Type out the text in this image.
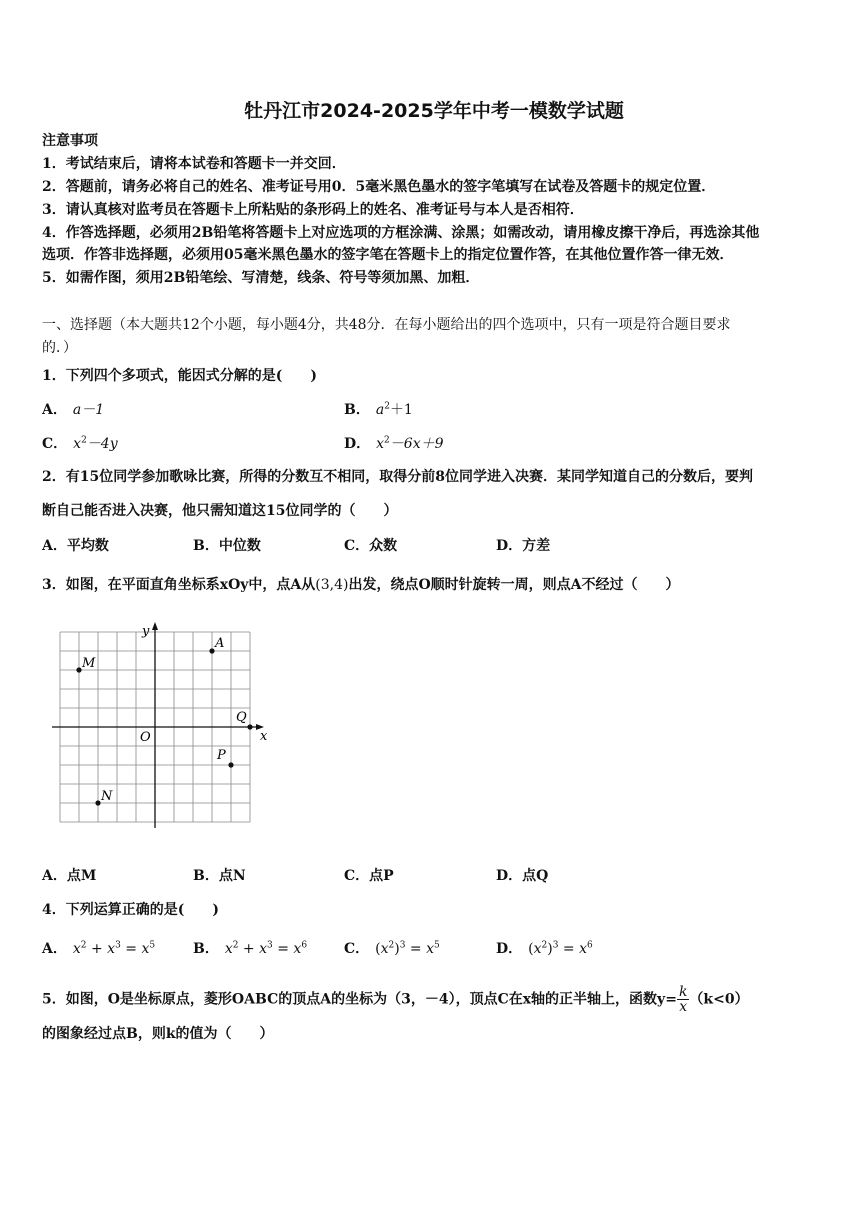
牡丹江市2024-2025学年中考一模数学试题
注意事项
1．考试结束后，请将本试卷和答题卡一并交回．
2．答题前，请务必将自己的姓名、准考证号用0．5毫米黑色墨水的签字笔填写在试卷及答题卡的规定位置．
3．请认真核对监考员在答题卡上所粘贴的条形码上的姓名、准考证号与本人是否相符．
4．作答选择题，必须用2B铅笔将答题卡上对应选项的方框涂满、涂黑；如需改动，请用橡皮擦干净后，再选涂其他
选项．作答非选择题，必须用05毫米黑色墨水的签字笔在答题卡上的指定位置作答，在其他位置作答一律无效．
5．如需作图，须用2B铅笔绘、写清楚，线条、符号等须加黑、加粗．
一、选择题（本大题共12个小题，每小题4分，共48分．在每小题给出的四个选项中，只有一项是符合题目要求
的．）
1．下列四个多项式，能因式分解的是(　　)
A． a－1	B． $a^2+1$
C． $x^2-4y$	D． $x^2-6x+9$
2．有15位同学参加歌咏比赛，所得的分数互不相同，取得分前8位同学进入决赛．某同学知道自己的分数后，要判
断自己能否进入决赛，他只需知道这15位同学的（　　）
A．平均数	B．中位数	C．众数	D．方差
3．如图，在平面直角坐标系xOy中，点A从(3,4)出发，绕点O顺时针旋转一周，则点A不经过（　　）
x
y
O
A
M
Q
P
N
A．点M	B．点N	C．点P	D．点Q
4．下列运算正确的是(　　)
A． $x^2 + x^3 = x^5$	B． $x^2 + x^3 = x^6$	C． $(x^2)^3 = x^5$	D． $(x^2)^3 = x^6$
5．如图，O是坐标原点，菱形OABC的顶点A的坐标为（3，－4），顶点C在x轴的正半轴上，函数$y= \frac{k}{x} (k<0)$
的图象经过点B，则k的值为（　　）
